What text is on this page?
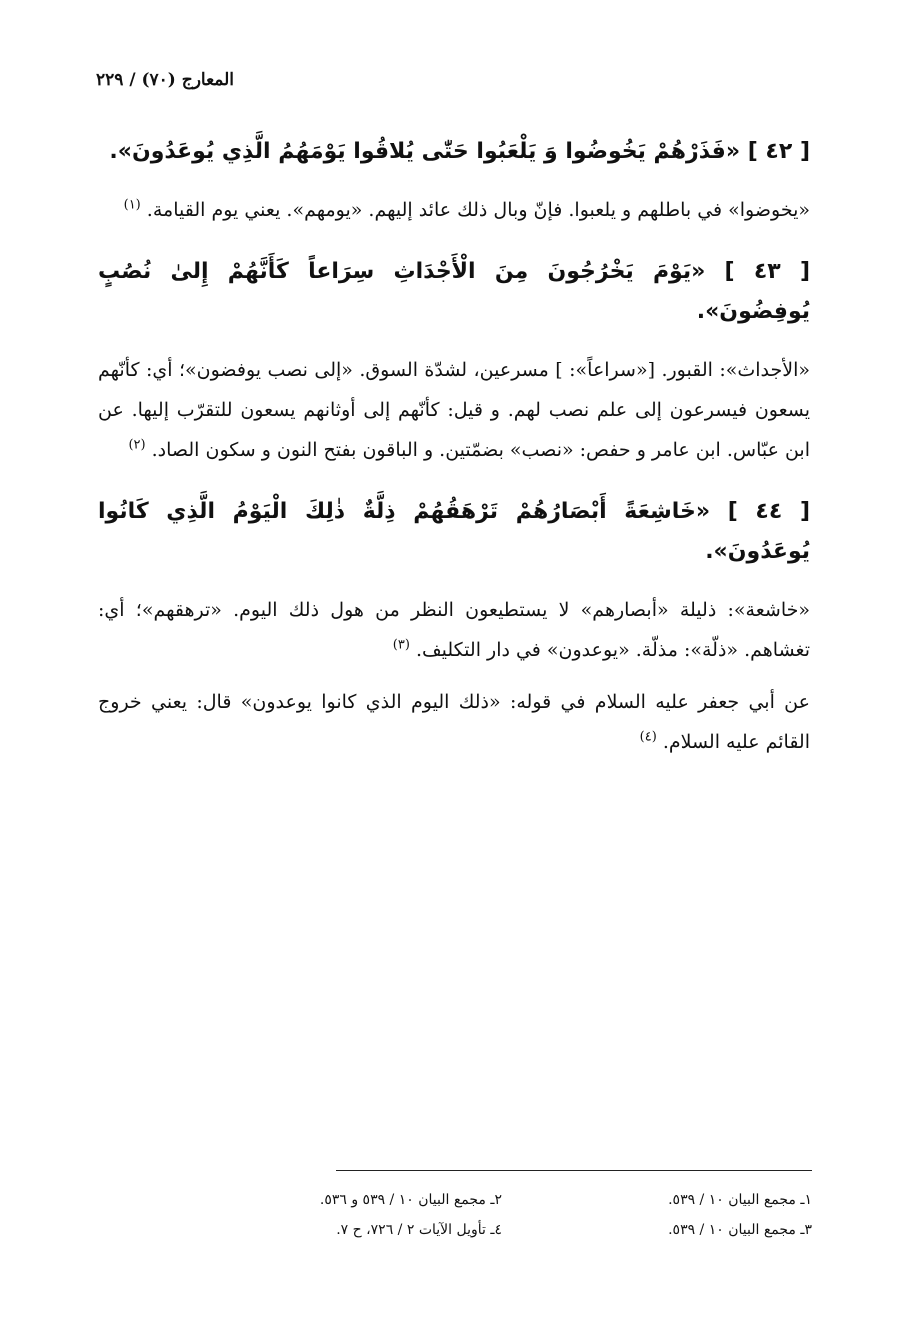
المعارج (٧٠) / ٢٢٩
[ ٤٢ ] «فَذَرْهُمْ يَخُوضُوا وَ يَلْعَبُوا حَتّٰى يُلاقُوا يَوْمَهُمُ الَّذِي يُوعَدُونَ».

«يخوضوا» في باطلهم و يلعبوا. فإنّ وبال ذلك عائد إليهم. «يومهم». يعني يوم القيامة. $^{(١)}$

[ ٤٣ ] «يَوْمَ يَخْرُجُونَ مِنَ الْأَجْدَاثِ سِرَاعاً كَأَنَّهُمْ إِلىٰ نُصُبٍ يُوفِضُونَ».

«الأجداث»: القبور. [«سراعاً»: ] مسرعين، لشدّة السوق. «إلى نصب يوفضون»؛ أي: كأنّهم يسعون فيسرعون إلى علم نصب لهم. و قيل: كأنّهم إلى أوثانهم يسعون للتقرّب إليها. عن ابن عبّاس. ابن عامر و حفص: «نصب» بضمّتين. و الباقون بفتح النون و سكون الصاد. $^{(٢)}$

[ ٤٤ ] «خَاشِعَةً أَبْصَارُهُمْ تَرْهَقُهُمْ ذِلَّةٌ ذٰلِكَ الْيَوْمُ الَّذِي كَانُوا يُوعَدُونَ».

«خاشعة»: ذليلة «أبصارهم» لا يستطيعون النظر من هول ذلك اليوم. «ترهقهم»؛ أي: تغشاهم. «ذلّة»: مذلّة. «يوعدون» في دار التكليف. $^{(٣)}$

عن أبي جعفر عليه السلام في قوله: «ذلك اليوم الذي كانوا يوعدون» قال: يعني خروج القائم عليه السلام. $^{(٤)}$

١ـ مجمع البيان ١٠ / ٥٣٩.
٢ـ مجمع البيان ١٠ / ٥٣٩ و ٥٣٦.
٣ـ مجمع البيان ١٠ / ٥٣٩.
٤ـ تأويل الآيات ٢ / ٧٢٦، ح ٧.
